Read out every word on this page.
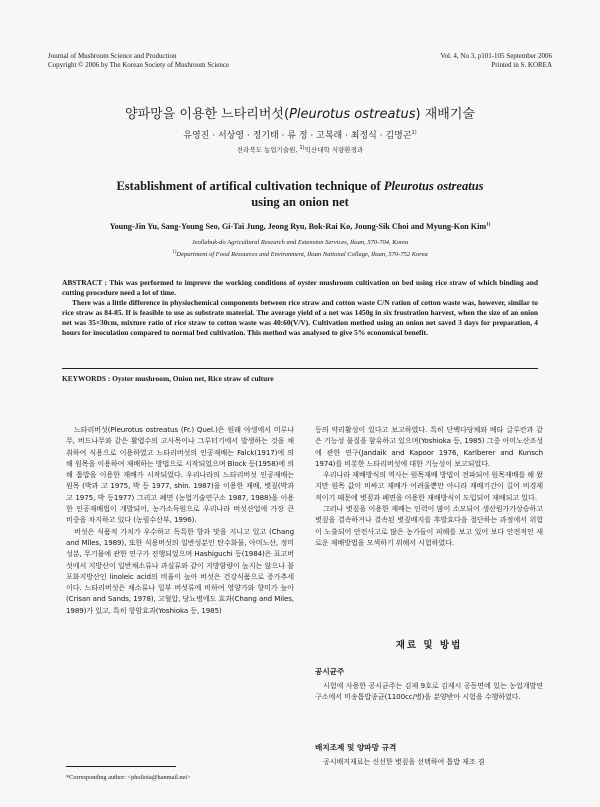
Journal of Mushroom Science and Production
Copyright © 2006 by The Korean Society of Mushroom Science
Vol. 4, No 3, p101-105 September 2006
Printed in S. KOREA
양파망을 이용한 느타리버섯(Pleurotus ostreatus) 재배기술
유영진 · 서상영 · 정기태 · 류 정 · 고복래 · 최정식 · 김명곤$^{1)}$
전라북도 농업기술원, $^{1)}$익산대학 식량환경과
Establishment of artifical cultivation technique of Pleurotus ostreatus
using an onion net
Young-Jin Yu, Sang-Young Seo, Gi-Tai Jung, Jeong Ryu, Bok-Rai Ko, Joung-Sik Choi and Myung-Kon Kim$^{1)}$
Jeollabuk-do Agricultural Research and Extension Services, Iksan, 570-704, Korea
$^{1)}$Department of Food Resources and Environment, Iksan National Collage, Iksan, 570-752 Korea

ABSTRACT : This was performed to improve the working conditions of oyster mushroom cultivation on bed using rice straw of which binding and cutting procedure need a lot of time.

There was a little difference in physiochemical components between rice straw and cotton waste C/N ration of cotton waste was, however, similar to rice straw as 84-85. If is feasible to use as substrate material. The average yield of a net was 1450g in six frustration harvest, when the size of an onion net was 35×30cm, mixture ratio of rice straw to cotton waste was 40:60(V/V). Cultivation method using an onion net saved 3 days for preparation, 4 hours for inoculation compared to normal bed cultivation. This method was analysed to give 5% economical benefit.

KEYWORDS : Oyster mushroom, Onion net, Rice straw of culture

느타리버섯(Pleurotus ostreatus (Fr.) Quel.)은 원래 야생에서 미루나무, 버드나무와 같은 활엽수의 고사목이나 그루터기에서 발생하는 것을 채취하여 식용으로 이용하였고 느타리버섯의 인공재배는 Falck(1917)에 의해 원목을 이용하여 재배하는 방법으로 시작되었으며 Block 등(1958)에 의해 톱밥을 이용한 재배가 시작되었다. 우리나라의 느타리버섯 인공재배는 원목 (박과 고 1975, 박 등 1977, shin. 1987)을 이용한 재배, 볏짚(박과 고 1975, 박 등1977) 그리고 폐면 (농업기술연구소 1987, 1988)을 이용한 인공재배법이 개발되어, 농가소득원으로 우리나라 버섯산업에 가장 큰 비중을 차지하고 있다 (농림수산부, 1996).

버섯은 식품적 가치가 우수하고 독특한 향과 맛을 지니고 있고 (Chang and Mlles, 1989), 또한 식용버섯의 일반성분인 탄수화물, 아미노산, 정미성분, 무기물에 관한 연구가 진행되었으며 Hashiguchi 등(1984)은 표고버섯에서 지방산이 일반채소류나 과실류와 같이 지방함량이 높지는 않으나 불포화지방산인 linoleic acid의 비율이 높아 버섯은 건강식품으로 증가추세이다. 느타리버섯은 채소류나 일부 버섯류에 비하여 영양가와 향미가 높아 (Crisan and Sands, 1978), 고혈압, 당뇨병에도 효과(Chang and Miles, 1989)가 있고, 특히 항암효과(Yoshioka 등, 1985)

등의 약리활성이 있다고 보고하였다. 특히 단백다당체와 베타 글루칸과 같은 기능성 물질을 함유하고 있으며(Yoshioka 등, 1985) 그중 아미노산조성에 관한 연구(Jandaik and Kapoor 1976, Karlberer and Kunsch 1974)를 비롯한 느타리버섯에 대한 기능성이 보고되었다.

우리나라 재배방식의 역사는 원목재배 방법이 전파되어 원목재배를 해 왔지만 원목 값이 비싸고 재배가 어려울뿐만 아니라 재배기간이 길어 비경제적이기 때문에 볏짚과 폐면을 이용한 재배방식이 도입되어 재배되고 있다.

그러나 볏짚을 이용한 재배는 인력이 많이 소모되어 생산원가가상승하고 볏짚을 결속하거나 결속된 볏짚배지를 후발효다음 절단하는 과정에서 위험이 노출되어 안전사고로 많은 농가들이 피해를 보고 있어 보다 안전적인 새로운 재배방법을 모색하기 위해서 시험하였다.

재료 및 방법
공시균주

시험에 사용한 공시균주는 김제 9호로 김제시 공동면에 있는 농업개발연구소에서 미송톱밥종균(1100cc/병)을 분양받아 시험을 수행하였다.

배지조제 및 양파망 규격

공시배지재료는 신선한 볏짚을 선택하여 톱밥 제조 겸

*Corresponding author: <pholiota@hanmail.net>
